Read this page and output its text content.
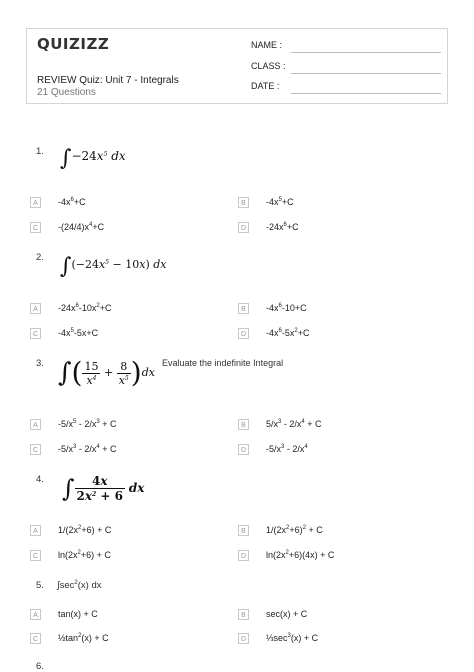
QUIZIZZ
REVIEW Quiz: Unit 7 - Integrals
21 Questions
NAME :
CLASS :
DATE :
1. $\int-24x^5$ dx
A	$-4x^6+C$	B	$-4x^5+C$
C	$-(24/4)x^4+C$	D	$-24x^6+C$
2. $\int(-24x^5 - 10x)$ dx
A	$-24x^6-10x^2+C$	B	$-4x^6-10+C$
C	$-4x^5-5x+C$	D	$-4x^6-5x^2+C$
3. ∫( $\frac{15}{x^4} + \frac{8}{x^5} )dx$
Evaluate the indefinite Integral
A	$-5/x^5 - 2/x^3 + C$	B	$5/x^3 - 2/x^4 + C$
C	$-5/x^3 - 2/x^4 + C$	D	$-5/x^3 - 2/x^4$
4. ∫ $\frac{4x}{2x^2 + 6}$ dx
A	$1/(2x^2+6) + C$	B	$1/(2x^2+6)^2 + C$
C	$\ln(2x^2+6) + C$	D	$\ln(2x^2+6)(4x) + C$
5. $\int\sec^2(x)$ dx
A	tan(x) + C	B	sec(x) + C
C	$\frac{1}{2}\tan^2(x) + C$	D	$\frac{1}{3}\sec^3(x) + C$
6.
